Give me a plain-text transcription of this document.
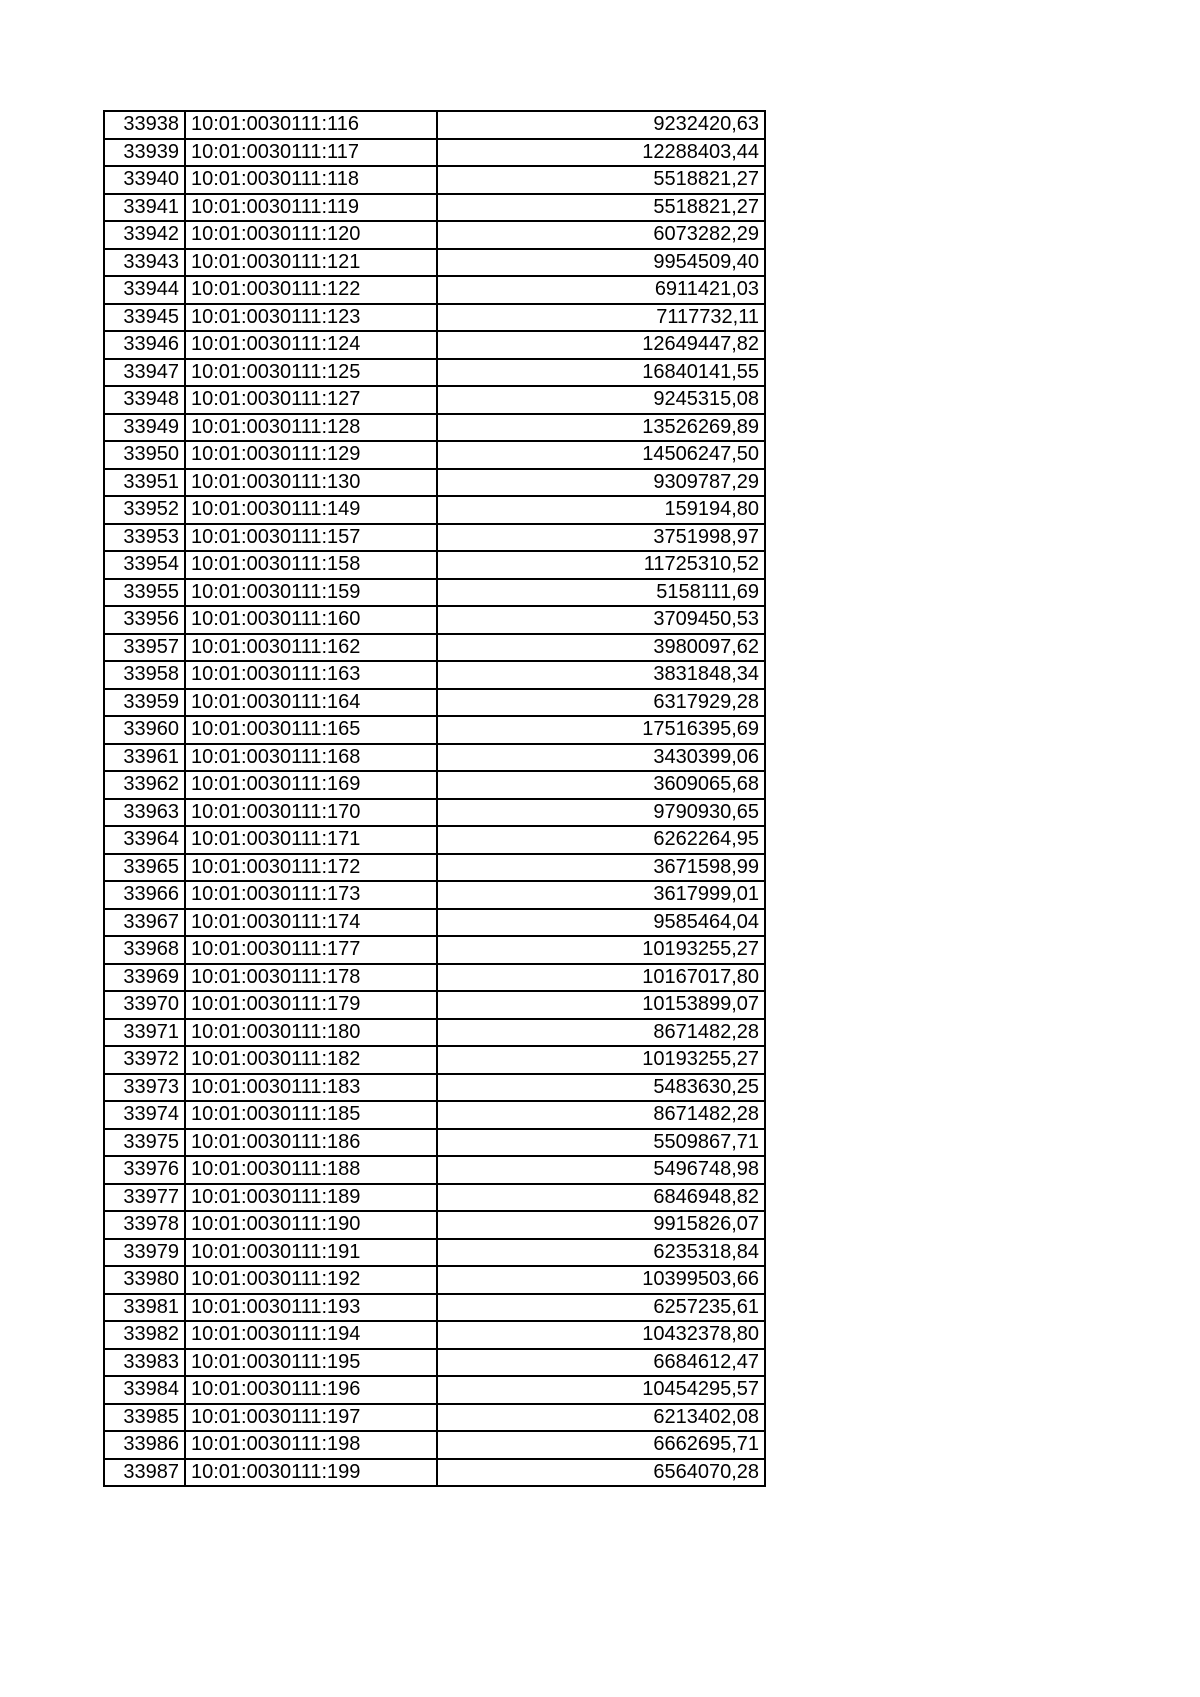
33938	10:01:0030111:116	9232420,63
33939	10:01:0030111:117	12288403,44
33940	10:01:0030111:118	5518821,27
33941	10:01:0030111:119	5518821,27
33942	10:01:0030111:120	6073282,29
33943	10:01:0030111:121	9954509,40
33944	10:01:0030111:122	6911421,03
33945	10:01:0030111:123	7117732,11
33946	10:01:0030111:124	12649447,82
33947	10:01:0030111:125	16840141,55
33948	10:01:0030111:127	9245315,08
33949	10:01:0030111:128	13526269,89
33950	10:01:0030111:129	14506247,50
33951	10:01:0030111:130	9309787,29
33952	10:01:0030111:149	159194,80
33953	10:01:0030111:157	3751998,97
33954	10:01:0030111:158	11725310,52
33955	10:01:0030111:159	5158111,69
33956	10:01:0030111:160	3709450,53
33957	10:01:0030111:162	3980097,62
33958	10:01:0030111:163	3831848,34
33959	10:01:0030111:164	6317929,28
33960	10:01:0030111:165	17516395,69
33961	10:01:0030111:168	3430399,06
33962	10:01:0030111:169	3609065,68
33963	10:01:0030111:170	9790930,65
33964	10:01:0030111:171	6262264,95
33965	10:01:0030111:172	3671598,99
33966	10:01:0030111:173	3617999,01
33967	10:01:0030111:174	9585464,04
33968	10:01:0030111:177	10193255,27
33969	10:01:0030111:178	10167017,80
33970	10:01:0030111:179	10153899,07
33971	10:01:0030111:180	8671482,28
33972	10:01:0030111:182	10193255,27
33973	10:01:0030111:183	5483630,25
33974	10:01:0030111:185	8671482,28
33975	10:01:0030111:186	5509867,71
33976	10:01:0030111:188	5496748,98
33977	10:01:0030111:189	6846948,82
33978	10:01:0030111:190	9915826,07
33979	10:01:0030111:191	6235318,84
33980	10:01:0030111:192	10399503,66
33981	10:01:0030111:193	6257235,61
33982	10:01:0030111:194	10432378,80
33983	10:01:0030111:195	6684612,47
33984	10:01:0030111:196	10454295,57
33985	10:01:0030111:197	6213402,08
33986	10:01:0030111:198	6662695,71
33987	10:01:0030111:199	6564070,28
